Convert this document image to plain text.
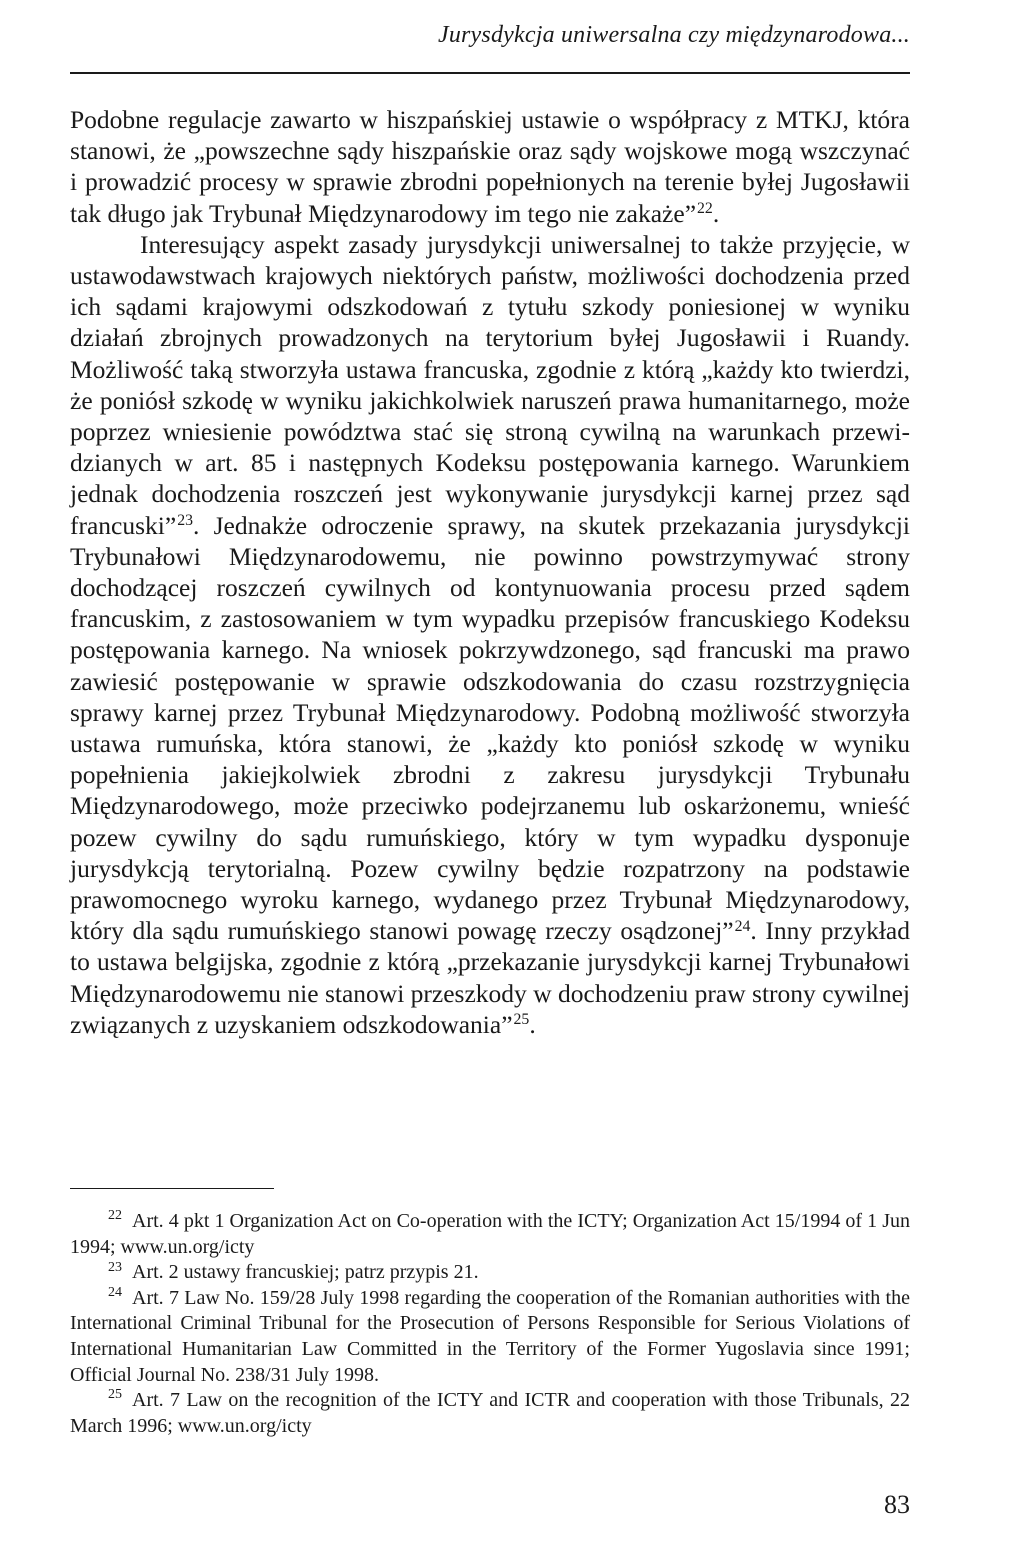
Jurysdykcja uniwersalna czy międzynarodowa...

Podobne regulacje zawarto w hiszpańskiej ustawie o współpracy z MTKJ, która stanowi, że „powszechne sądy hiszpańskie oraz sądy wojskowe mogą wszczynać i prowadzić procesy w sprawie zbrodni popełnionych na terenie byłej Jugosławii tak długo jak Trybunał Międzynarodowy im tego nie zakaże”$^{22}$.

Interesujący aspekt zasady jurysdykcji uniwersalnej to także przyjęcie, w ustawodawstwach krajowych niektórych państw, możliwości dochodzenia przed ich sądami krajowymi odszkodowań z tytułu szkody poniesionej w wyniku działań zbrojnych prowadzonych na terytorium byłej Jugosławii i Ruandy. Możliwość taką stworzyła ustawa francuska, zgodnie z którą „każdy kto twierdzi, że poniósł szkodę w wyniku jakichkolwiek naruszeń prawa humanitarnego, może poprzez wniesienie powództwa stać się stroną cywilną na warunkach przewidzianych w art. 85 i następnych Kodeksu postępowania karnego. Warunkiem jednak dochodzenia roszczeń jest wykonywanie jurysdykcji karnej przez sąd francuski”$^{23}$. Jednakże odroczenie sprawy, na skutek przekazania jurysdykcji Trybunałowi Międzynarodowemu, nie powinno powstrzymywać strony dochodzącej roszczeń cywilnych od kontynuowania procesu przed sądem francuskim, z zastosowaniem w tym wypadku przepisów francuskiego Kodeksu postępowania karnego. Na wniosek pokrzywdzonego, sąd francuski ma prawo zawiesić postępowanie w sprawie odszkodowania do czasu rozstrzygnięcia sprawy karnej przez Trybunał Międzynarodowy. Podobną możliwość stworzyła ustawa rumuńska, która stanowi, że „każdy kto poniósł szkodę w wyniku popełnienia jakiejkolwiek zbrodni z zakresu jurysdykcji Trybunału Międzynarodowego, może przeciwko podejrzanemu lub oskarżonemu, wnieść pozew cywilny do sądu rumuńskiego, który w tym wypadku dysponuje jurysdykcją terytorialną. Pozew cywilny będzie rozpatrzony na podstawie prawomocnego wyroku karnego, wydanego przez Trybunał Międzynarodowy, który dla sądu rumuńskiego stanowi powagę rzeczy osądzonej”$^{24}$. Inny przykład to ustawa belgijska, zgodnie z którą „przekazanie jurysdykcji karnej Trybunałowi Międzynarodowemu nie stanowi przeszkody w dochodzeniu praw strony cywilnej związanych z uzyskaniem odszkodowania”$^{25}$.

$^{22}$ Art. 4 pkt 1 Organization Act on Co-operation with the ICTY; Organization Act 15/1994 of 1 Jun 1994; www.un.org/icty

$^{23}$ Art. 2 ustawy francuskiej; patrz przypis 21.

$^{24}$ Art. 7 Law No. 159/28 July 1998 regarding the cooperation of the Romanian authorities with the International Criminal Tribunal for the Prosecution of Persons Responsible for Serious Violations of International Humanitarian Law Committed in the Territory of the Former Yugoslavia since 1991; Official Journal No. 238/31 July 1998.

$^{25}$ Art. 7 Law on the recognition of the ICTY and ICTR and cooperation with those Tribunals, 22 March 1996; www.un.org/icty

83
